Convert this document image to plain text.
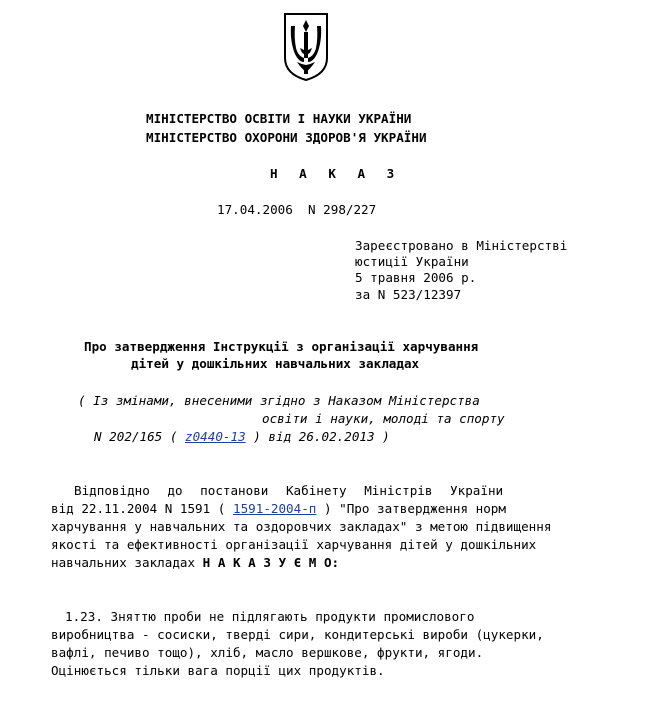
МІНІСТЕРСТВО ОСВІТИ І НАУКИ УКРАЇНИ
МІНІСТЕРСТВО ОХОРОНИ ЗДОРОВ'Я УКРАЇНИ
Н А К А З
17.04.2006  N 298/227
Зареєстровано в Міністерстві
юстиції України
5 травня 2006 р.
за N 523/12397
Про затвердження Інструкції з організації харчування
дітей у дошкільних навчальних закладах
( Із змінами, внесеними згідно з Наказом Міністерства
освіти і науки, молоді та спорту
N 202/165 ( z0440-13 ) від 26.02.2013 )
Відповідно до постанови Кабінету Міністрів України
від 22.11.2004 N 1591 ( 1591-2004-п ) "Про затвердження норм
харчування у навчальних та оздоровчих закладах" з метою підвищення
якості та ефективності організації харчування дітей у дошкільних
навчальних закладах Н А К А З У Є М О:
1.23. Зняттю проби не підлягають продукти промислового
виробництва - сосиски, тверді сири, кондитерські вироби (цукерки,
вафлі, печиво тощо), хліб, масло вершкове, фрукти, ягоди.
Оцінюється тільки вага порції цих продуктів.
